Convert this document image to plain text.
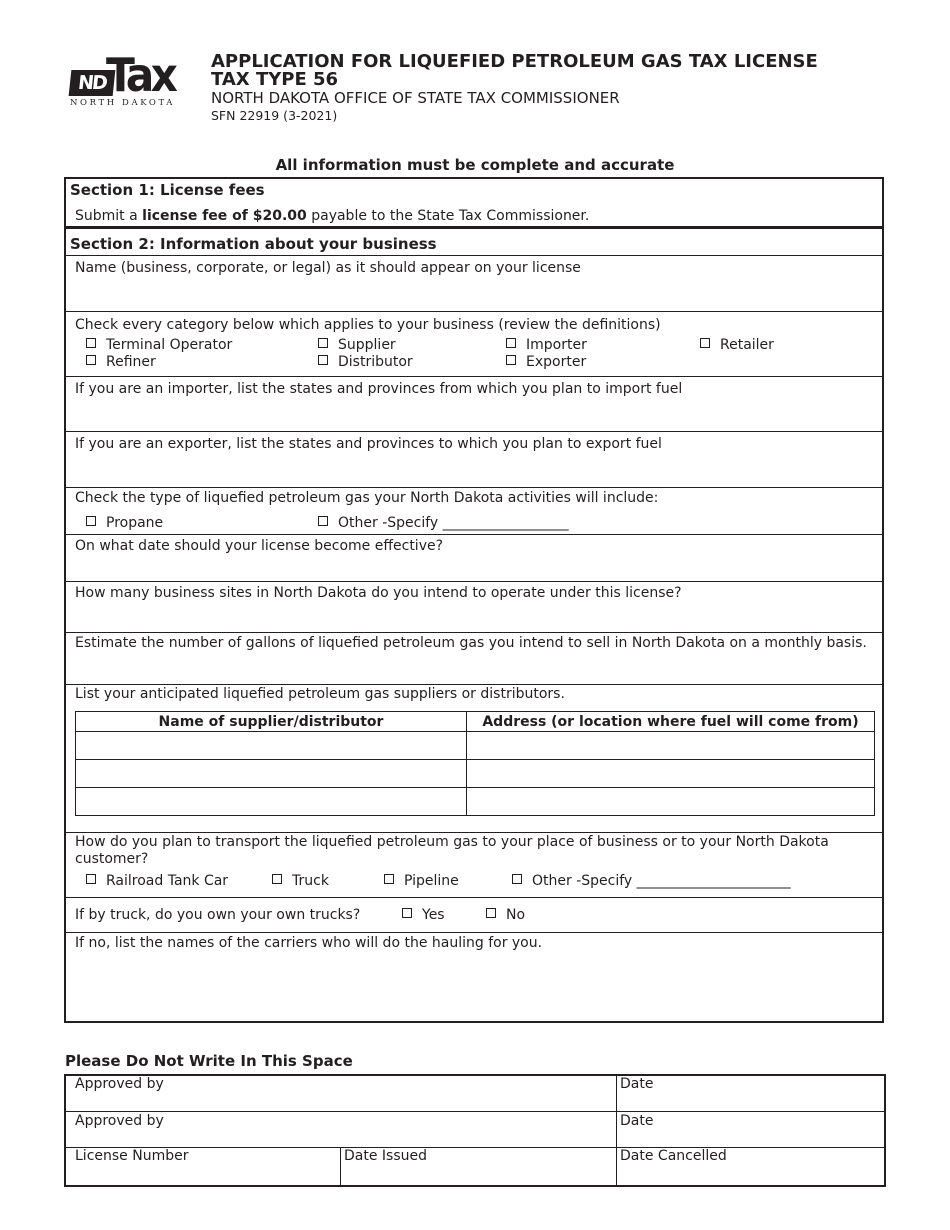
ND Tax
NORTH DAKOTA
APPLICATION FOR LIQUEFIED PETROLEUM GAS TAX LICENSE
TAX TYPE 56
NORTH DAKOTA OFFICE OF STATE TAX COMMISSIONER
SFN 22919 (3-2021)
All information must be complete and accurate
Section 1: License fees
Submit a license fee of $20.00 payable to the State Tax Commissioner.
Section 2: Information about your business
Name (business, corporate, or legal) as it should appear on your license
Check every category below which applies to your business (review the definitions)
Terminal Operator	Supplier	Importer	Retailer
Refiner	Distributor	Exporter
If you are an importer, list the states and provinces from which you plan to import fuel
If you are an exporter, list the states and provinces to which you plan to export fuel
Check the type of liquefied petroleum gas your North Dakota activities will include:
Propane	Other -Specify __________________
On what date should your license become effective?
How many business sites in North Dakota do you intend to operate under this license?
Estimate the number of gallons of liquefied petroleum gas you intend to sell in North Dakota on a monthly basis.
List your anticipated liquefied petroleum gas suppliers or distributors.
Name of supplier/distributor	Address (or location where fuel will come from)

How do you plan to transport the liquefied petroleum gas to your place of business or to your North Dakota
customer?
Railroad Tank Car	Truck	Pipeline	Other -Specify ______________________
If by truck, do you own your own trucks?	Yes	No
If no, list the names of the carriers who will do the hauling for you.
Please Do Not Write In This Space
Approved by	Date
Approved by	Date
License Number	Date Issued	Date Cancelled
